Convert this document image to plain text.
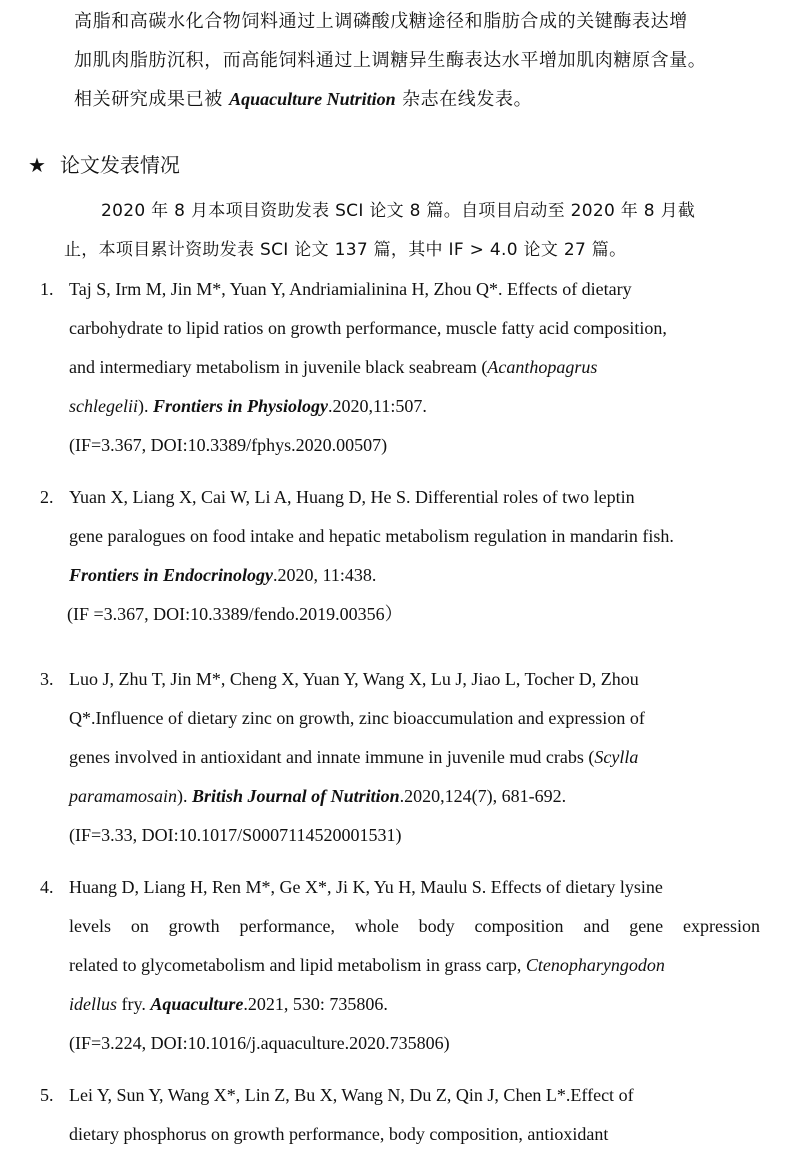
高脂和高碳水化合物饲料通过上调磷酸戊糖途径和脂肪合成的关键酶表达增
加肌肉脂肪沉积，而高能饲料通过上调糖异生酶表达水平增加肌肉糖原含量。
相关研究成果已被 Aquaculture Nutrition 杂志在线发表。
★ 论文发表情况
2020 年 8 月本项目资助发表 SCI 论文 8 篇。自项目启动至 2020 年 8 月截
止，本项目累计资助发表 SCI 论文 137 篇，其中 IF > 4.0 论文 27 篇。
1. Taj S, Irm M, Jin M*, Yuan Y, Andriamialinina H, Zhou Q*. Effects of dietary
carbohydrate to lipid ratios on growth performance, muscle fatty acid composition,
and intermediary metabolism in juvenile black seabream (Acanthopagrus
schlegelii). Frontiers in Physiology.2020,11:507.
(IF=3.367, DOI:10.3389/fphys.2020.00507)
2. Yuan X, Liang X, Cai W, Li A, Huang D, He S. Differential roles of two leptin
gene paralogues on food intake and hepatic metabolism regulation in mandarin fish.
Frontiers in Endocrinology.2020, 11:438.
(IF =3.367, DOI:10.3389/fendo.2019.00356）
3. Luo J, Zhu T, Jin M*, Cheng X, Yuan Y, Wang X, Lu J, Jiao L, Tocher D, Zhou
Q*.Influence of dietary zinc on growth, zinc bioaccumulation and expression of
genes involved in antioxidant and innate immune in juvenile mud crabs (Scylla
paramamosain). British Journal of Nutrition.2020,124(7), 681-692.
(IF=3.33, DOI:10.1017/S0007114520001531)
4. Huang D, Liang H, Ren M*, Ge X*, Ji K, Yu H, Maulu S. Effects of dietary lysine
levels on growth performance, whole body composition and gene expression
related to glycometabolism and lipid metabolism in grass carp, Ctenopharyngodon
idellus fry. Aquaculture.2021, 530: 735806.
(IF=3.224, DOI:10.1016/j.aquaculture.2020.735806)
5. Lei Y, Sun Y, Wang X*, Lin Z, Bu X, Wang N, Du Z, Qin J, Chen L*.Effect of
dietary phosphorus on growth performance, body composition, antioxidant
